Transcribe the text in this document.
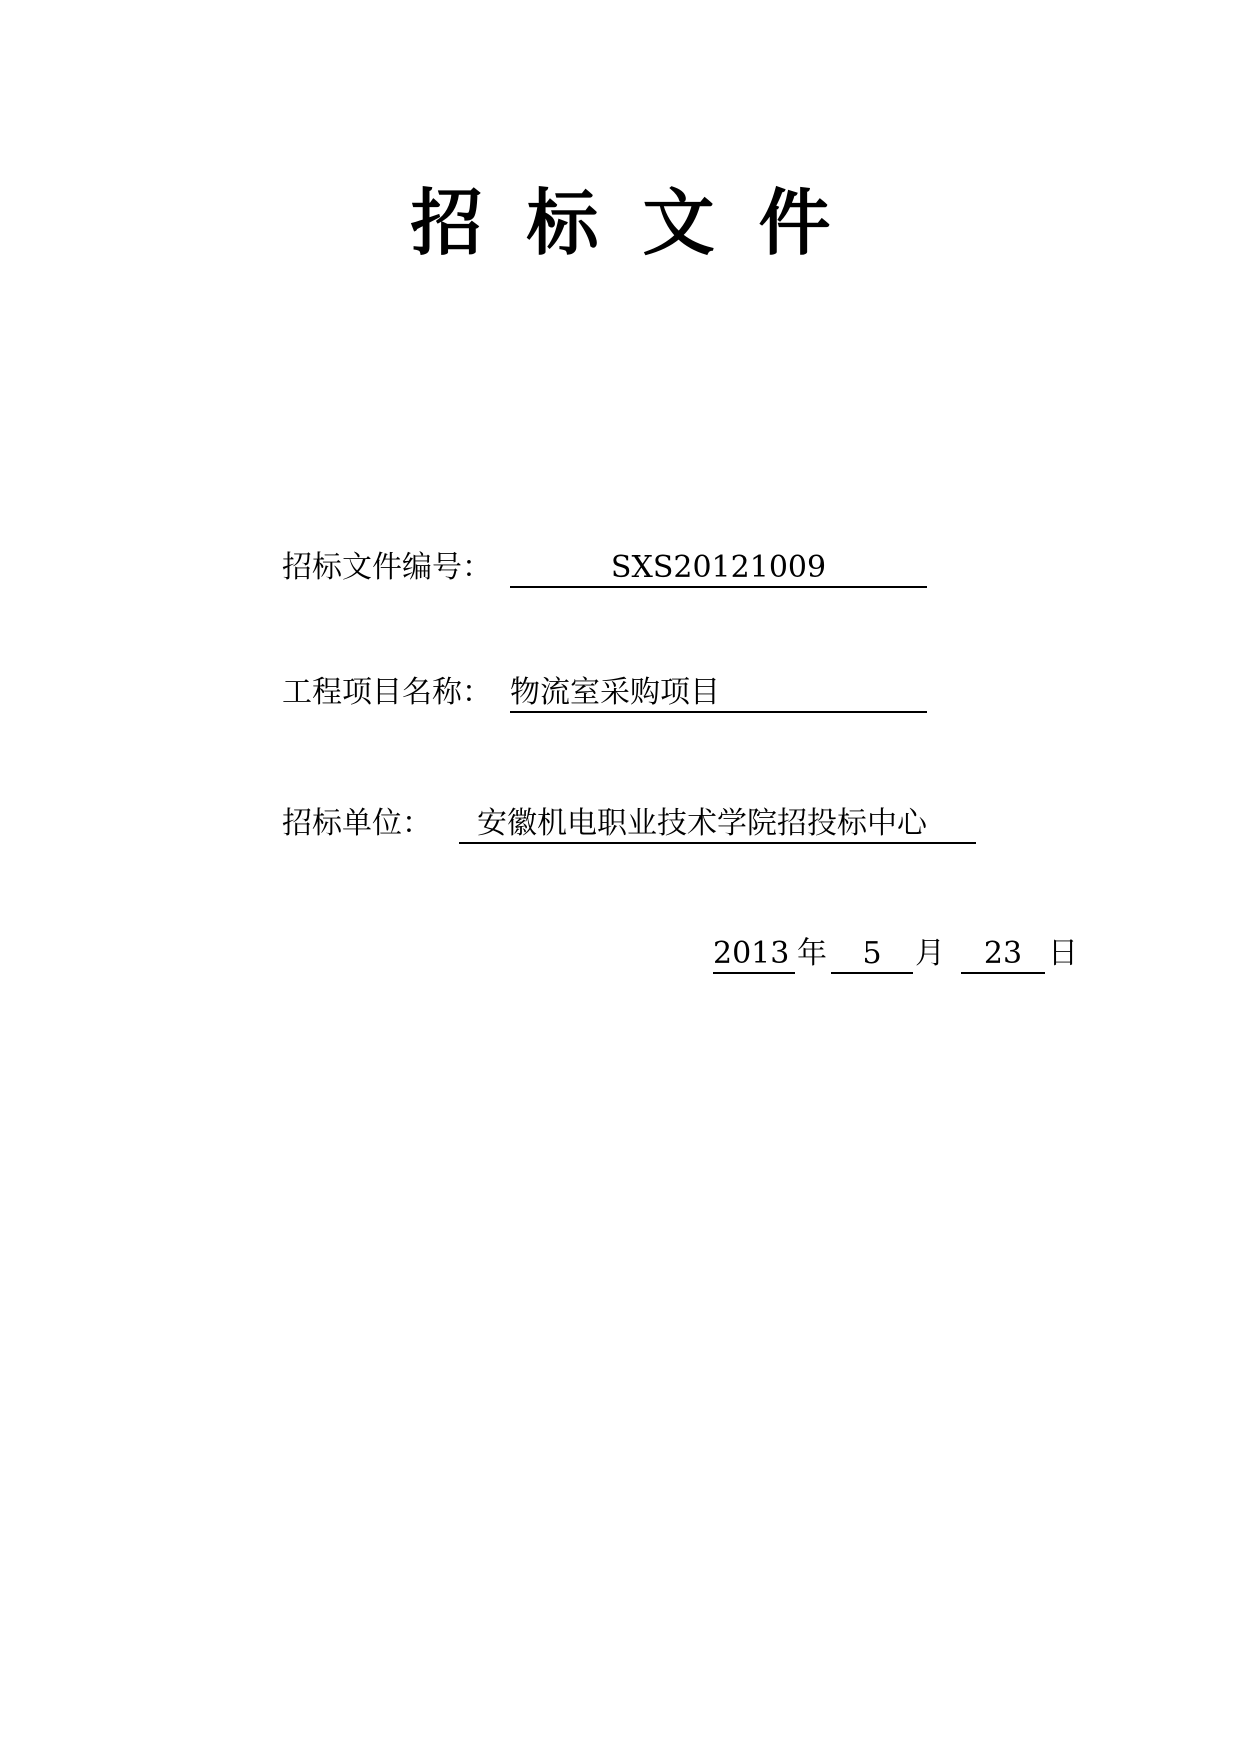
招标文件
招标文件编号：	SXS20121009
工程项目名称： 物流室采购项目
招标单位：	安徽机电职业技术学院招投标中心
2013 年	5	月	23 日
